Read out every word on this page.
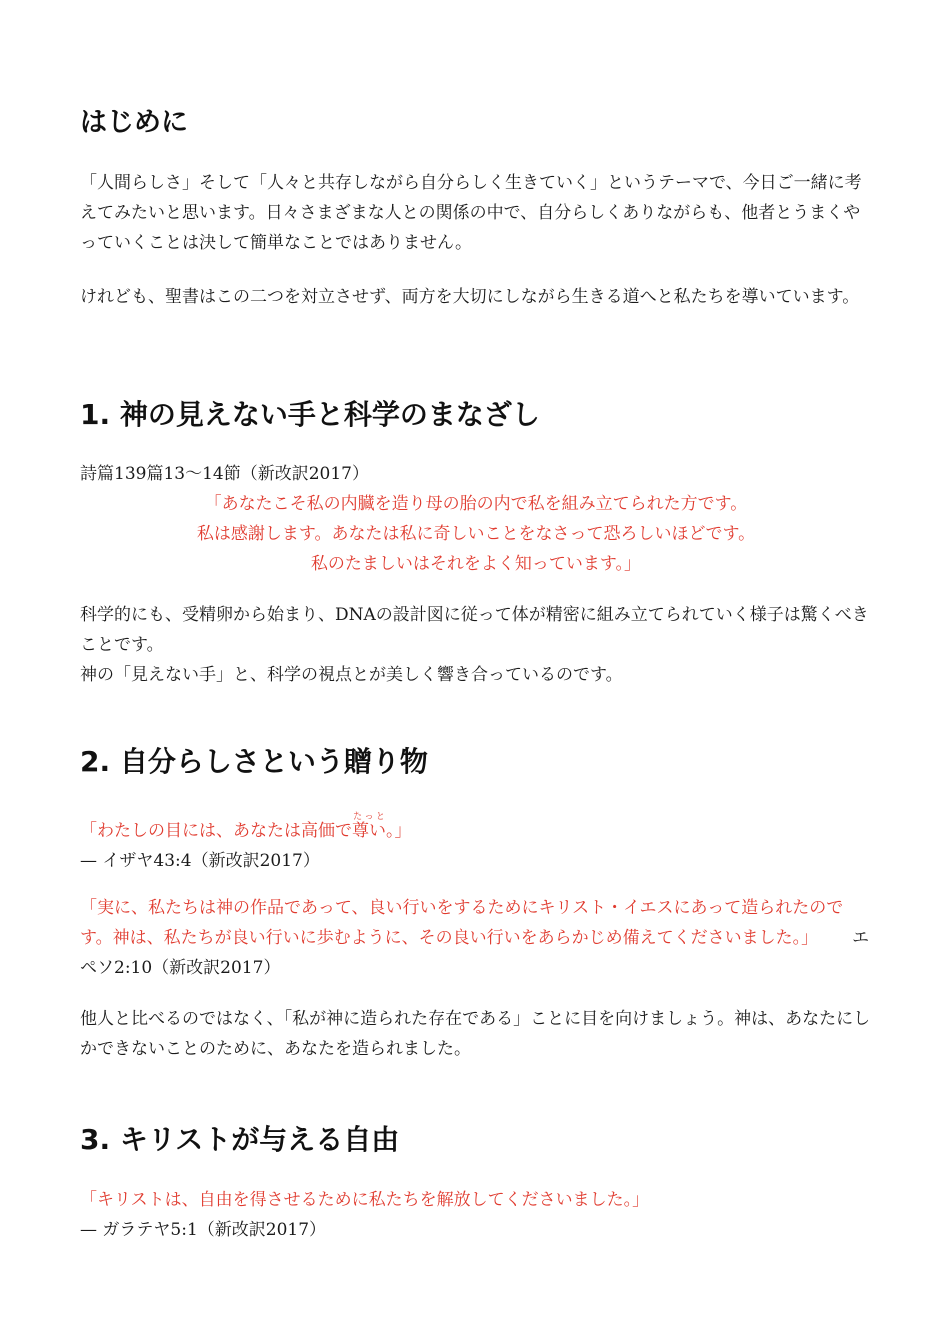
はじめに

「人間らしさ」そして「人々と共存しながら自分らしく生きていく」というテーマで、今日ご一緒に考えてみたいと思います。日々さまざまな人との関係の中で、自分らしくありながらも、他者とうまくやっていくことは決して簡単なことではありません。

けれども、聖書はこの二つを対立させず、両方を大切にしながら生きる道へと私たちを導いています。

1. 神の見えない手と科学のまなざし

詩篇139篇13〜14節（新改訳2017）

「あなたこそ私の内臓を造り母の胎の内で私を組み立てられた方です。
私は感謝します。あなたは私に奇しいことをなさって恐ろしいほどです。
私のたましいはそれをよく知っています。」
科学的にも、受精卵から始まり、DNAの設計図に従って体が精密に組み立てられていく様子は驚くべきことです。
神の「見えない手」と、科学の視点とが美しく響き合っているのです。
2. 自分らしさという贈り物
「わたしの目には、あなたは高価で尊いたっと。」
— イザヤ43:4（新改訳2017）

「実に、私たちは神の作品であって、良い行いをするためにキリスト・イエスにあって造られたのです。神は、私たちが良い行いに歩むように、その良い行いをあらかじめ備えてくださいました。」 エペソ2:10（新改訳2017）

他人と比べるのではなく、「私が神に造られた存在である」ことに目を向けましょう。神は、あなたにしかできないことのために、あなたを造られました。

3. キリストが与える自由
「キリストは、自由を得させるために私たちを解放してくださいました。」
— ガラテヤ5:1（新改訳2017）
